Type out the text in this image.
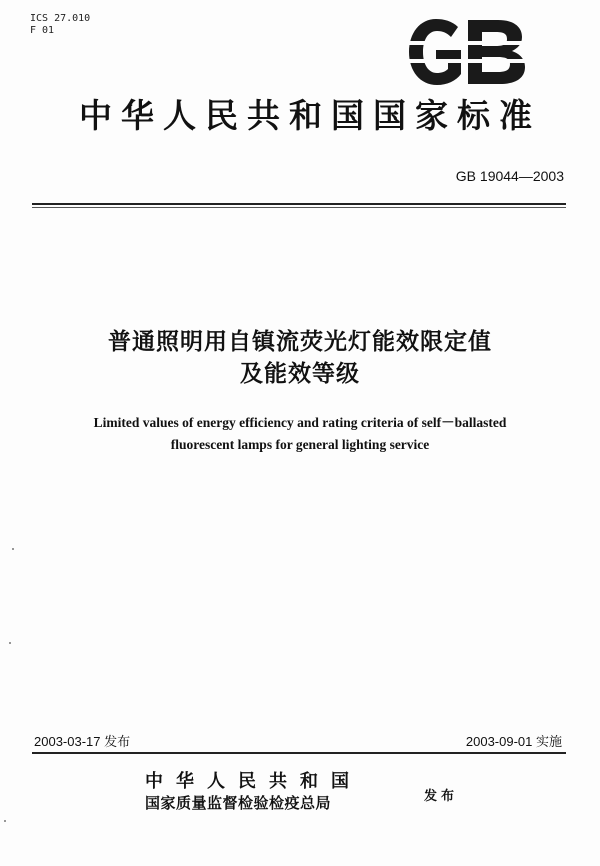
ICS 27.010
F 01
中华人民共和国国家标准
GB 19044—2003
普通照明用自镇流荧光灯能效限定值
及能效等级
Limited values of energy efficiency and rating criteria of self－ballasted
fluorescent lamps for general lighting service
2003-03-17 发布	2003-09-01 实施
中华人民共和国
国家质量监督检验检疫总局	发布
